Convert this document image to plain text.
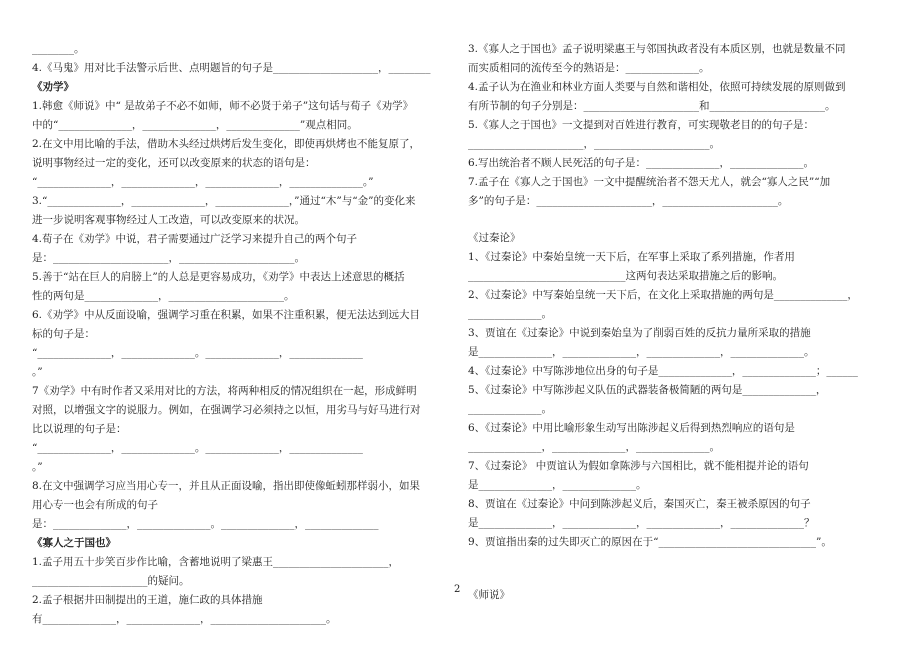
________。
4.《马鬼》用对比手法警示后世、点明题旨的句子是____________________，________
《劝学》
1.韩愈《师说》中“ 是故弟子不必不如师，师不必贤于弟子”这句话与荀子《劝学》
中的“______________，______________，______________”观点相同。
2.在文中用比喻的手法，借助木头经过烘烤后发生变化，即使再烘烤也不能复原了，
说明事物经过一定的变化，还可以改变原来的状态的语句是：
“______________，______________，______________，______________。”
3.“______________，______________，______________，”通过“木”与“金”的变化来
进一步说明客观事物经过人工改造，可以改变原来的状况。
4.荀子在《劝学》中说，君子需要通过广泛学习来提升自己的两个句子
是：______________________，______________________。
5.善于“站在巨人的肩膀上”的人总是更容易成功，《劝学》中表达上述意思的概括
性的两句是______________，______________________。
6.《劝学》中从反面设喻，强调学习重在积累，如果不注重积累，便无法达到远大目
标的句子是：
“______________，______________。______________，______________
。”
7《劝学》中有时作者又采用对比的方法，将两种相反的情况组织在一起，形成鲜明
对照，以增强文字的说服力。例如，在强调学习必须持之以恒，用劣马与好马进行对
比以说理的句子是：
“______________，______________。______________，______________
。”
8.在文中强调学习应当用心专一，并且从正面设喻，指出即使像蚯蚓那样弱小，如果
用心专一也会有所成的句子
是：______________，______________。______________，______________
《寡人之于国也》
1.孟子用五十步笑百步作比喻，含蓄地说明了梁惠王______________________，
______________________的疑问。
2.孟子根据井田制提出的王道，施仁政的具体措施
有______________，______________，______________________。
3.《寡人之于国也》孟子说明梁惠王与邻国执政者没有本质区别，也就是数量不同
而实质相同的流传至今的熟语是：______________。
4.孟子认为在渔业和林业方面人类要与自然和谐相处，依照可持续发展的原则做到
有所节制的句子分别是：______________________和______________________。
5.《寡人之于国也》一文提到对百姓进行教育，可实现敬老目的的句子是：
______________________，______________________。
6.写出统治者不顾人民死活的句子是：______________，______________。
7.孟子在《寡人之于国也》一文中提醒统治者不怨天尤人，就会“寡人之民”“加
多”的句子是：______________________，______________________。
《过秦论》
1、《过秦论》中秦始皇统一天下后，在军事上采取了系列措施，作者用
______________________________这两句表达采取措施之后的影响。
2、《过秦论》中写秦始皇统一天下后，在文化上采取措施的两句是______________，
______________。
3、贾谊在《过秦论》中说到秦始皇为了削弱百姓的反抗力量所采取的措施
是______________，______________，______________，______________。
4、《过秦论》中写陈涉地位出身的句子是______________，______________；______
5、《过秦论》中写陈涉起义队伍的武器装备极简陋的两句是______________，
______________。
6、《过秦论》中用比喻形象生动写出陈涉起义后得到热烈响应的语句是
______________，______________，______________。
7、《过秦论》 中贾谊认为假如拿陈涉与六国相比，就不能相提并论的语句
是______________，______________。
8、贾谊在《过秦论》中问到陈涉起义后，秦国灭亡，秦王被杀原因的句子
是______________，______________，______________，______________？
9、贾谊指出秦的过失即灭亡的原因在于“______________________________”。
《师说》
2
